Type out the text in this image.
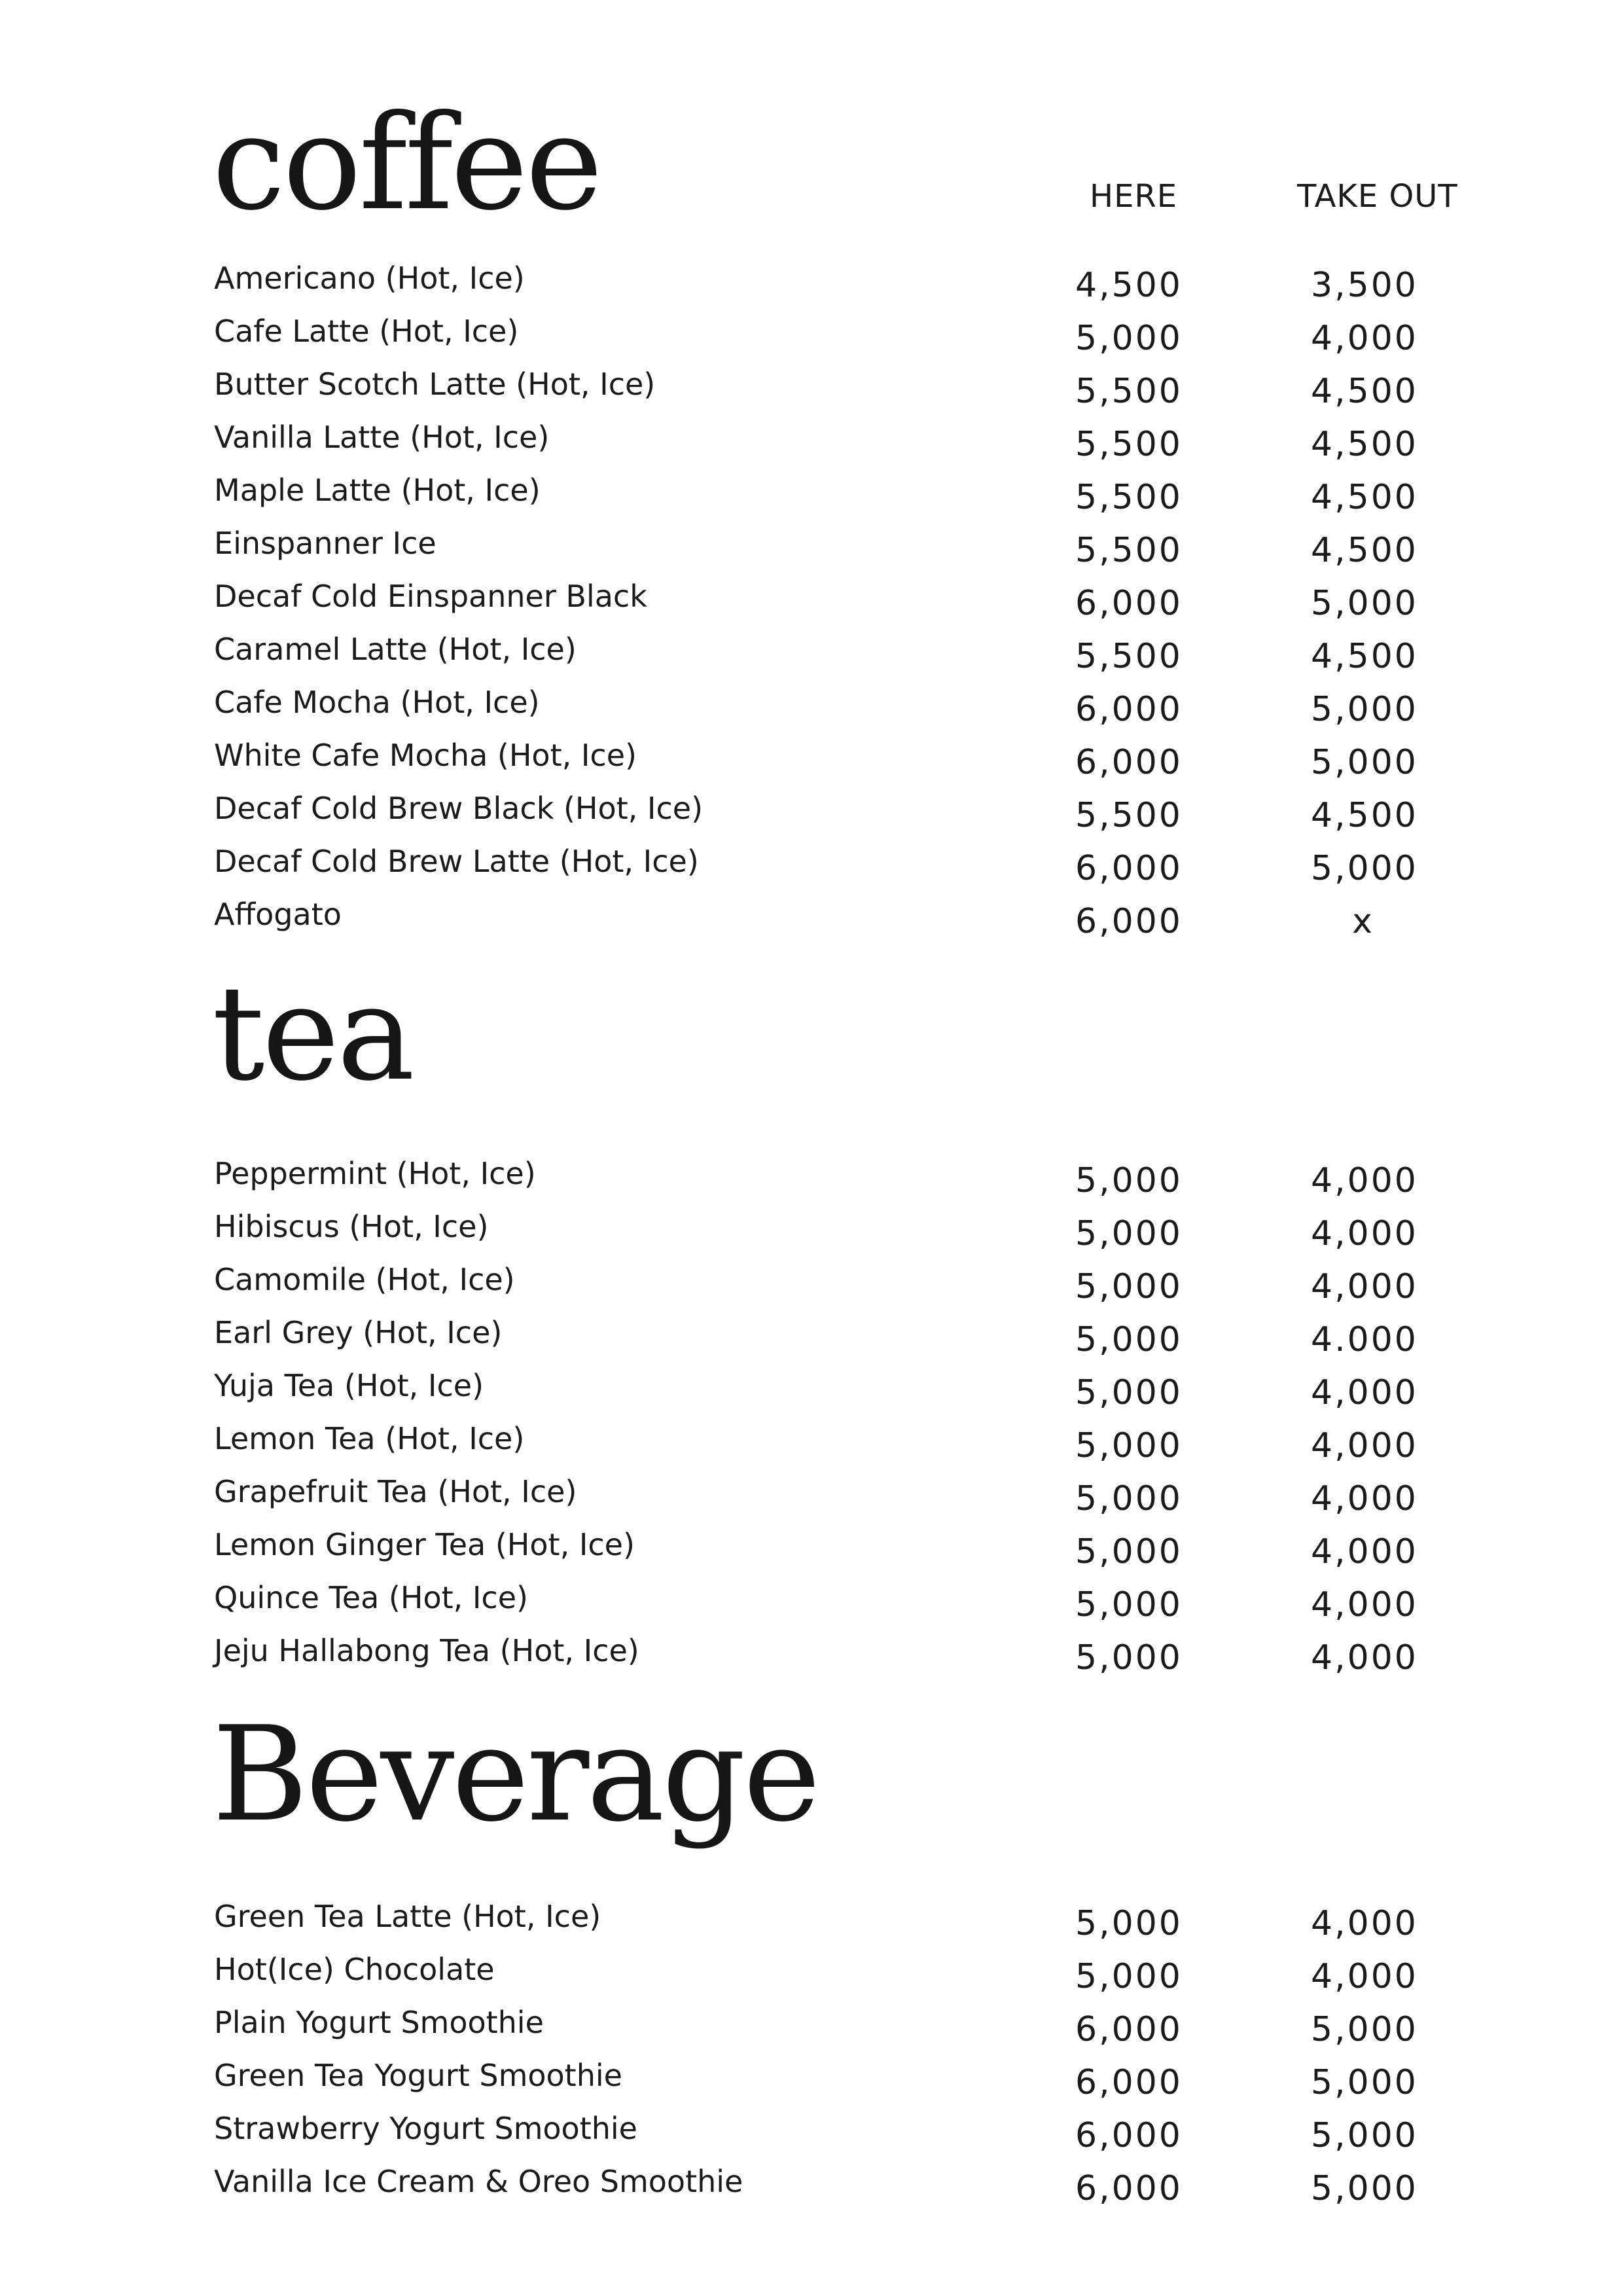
coffee	HERE	TAKE OUT
Americano (Hot, Ice)	4,500	3,500
Cafe Latte (Hot, Ice)	5,000	4,000
Butter Scotch Latte (Hot, Ice)	5,500	4,500
Vanilla Latte (Hot, Ice)	5,500	4,500
Maple Latte (Hot, Ice)	5,500	4,500
Einspanner Ice	5,500	4,500
Decaf Cold Einspanner Black	6,000	5,000
Caramel Latte (Hot, Ice)	5,500	4,500
Cafe Mocha (Hot, Ice)	6,000	5,000
White Cafe Mocha (Hot, Ice)	6,000	5,000
Decaf Cold Brew Black (Hot, Ice)	5,500	4,500
Decaf Cold Brew Latte (Hot, Ice)	6,000	5,000
Affogato	6,000	x
tea
Peppermint (Hot, Ice)	5,000	4,000
Hibiscus (Hot, Ice)	5,000	4,000
Camomile (Hot, Ice)	5,000	4,000
Earl Grey (Hot, Ice)	5,000	4.000
Yuja Tea (Hot, Ice)	5,000	4,000
Lemon Tea (Hot, Ice)	5,000	4,000
Grapefruit Tea (Hot, Ice)	5,000	4,000
Lemon Ginger Tea (Hot, Ice)	5,000	4,000
Quince Tea (Hot, Ice)	5,000	4,000
Jeju Hallabong Tea (Hot, Ice)	5,000	4,000
Beverage
Green Tea Latte (Hot, Ice)	5,000	4,000
Hot(Ice) Chocolate	5,000	4,000
Plain Yogurt Smoothie	6,000	5,000
Green Tea Yogurt Smoothie	6,000	5,000
Strawberry Yogurt Smoothie	6,000	5,000
Vanilla Ice Cream & Oreo Smoothie	6,000	5,000
